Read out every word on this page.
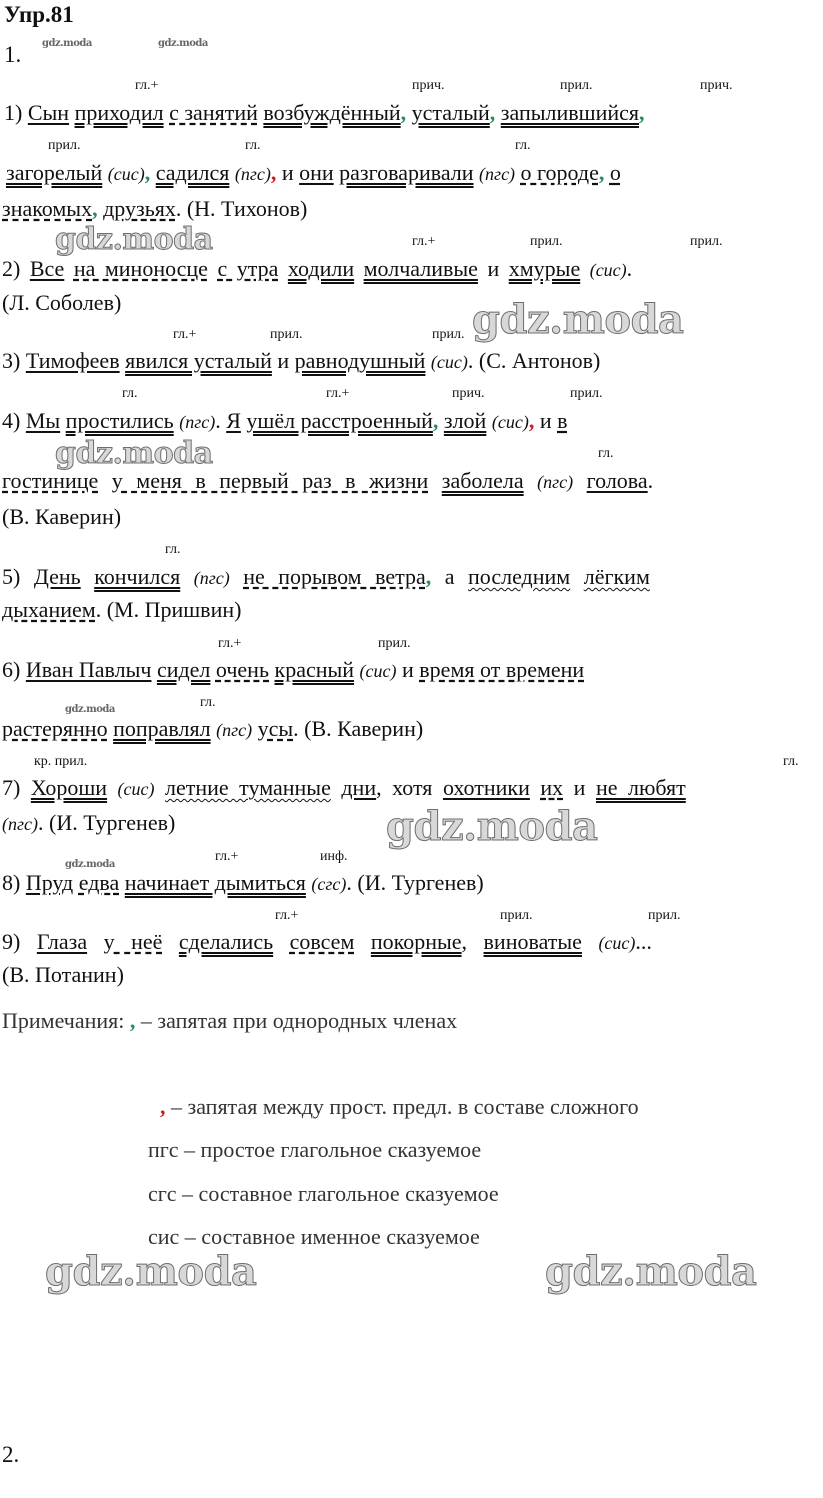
Упр.81
1. gdz.moda	gdz.moda
гл.+	прич.	прил.	прич.
1) Сын приходил с занятий возбуждённый, усталый, запылившийся,
прил.	гл.	гл.
загорелый (сис), садился (пгс), и они разговаривали (пгс) о городе, о
знакомых, друзьях. (Н. Тихонов)
gdz.moda	гл.+	прил.	прил.
2) Все на миноносце с утра ходили молчаливые и хмурые (сис).
(Л. Соболев)
гл.+	прил.	прил. gdz.moda
3) Тимофеев явился усталый и равнодушный (сис). (С. Антонов)
гл.	гл.+	прич.	прил.
4) Мы простились (пгс). Я ушёл расстроенный, злой (сис), и в
gdz.moda	гл.
гостинице у меня в первый раз в жизни заболела (пгс) голова.
(В. Каверин)
гл.
5) День кончился (пгс) не порывом ветра, а последним лёгким
дыханием. (М. Пришвин)
гл.+	прил.
6) Иван Павлыч сидел очень красный (сис) и время от времени
gdz.moda	гл.
растерянно поправлял (пгс) усы. (В. Каверин)
кр. прил.	гл.
7) Хороши (сис) летние туманные дни, хотя охотники их и не любят
(пгс). (И. Тургенев)	gdz.moda
gdz.moda
гл.+	инф.
8) Пруд едва начинает дымиться (сгс). (И. Тургенев)
гл.+	прил.	прил.
9) Глаза у неё сделались совсем покорные, виноватые (сис)...
(В. Потанин)
Примечания: , – запятая при однородных членах
, – запятая между прост. предл. в составе сложного
пгс – простое глагольное сказуемое
сгс – составное глагольное сказуемое
сис – составное именное сказуемое
gdz.moda	gdz.moda
2.
